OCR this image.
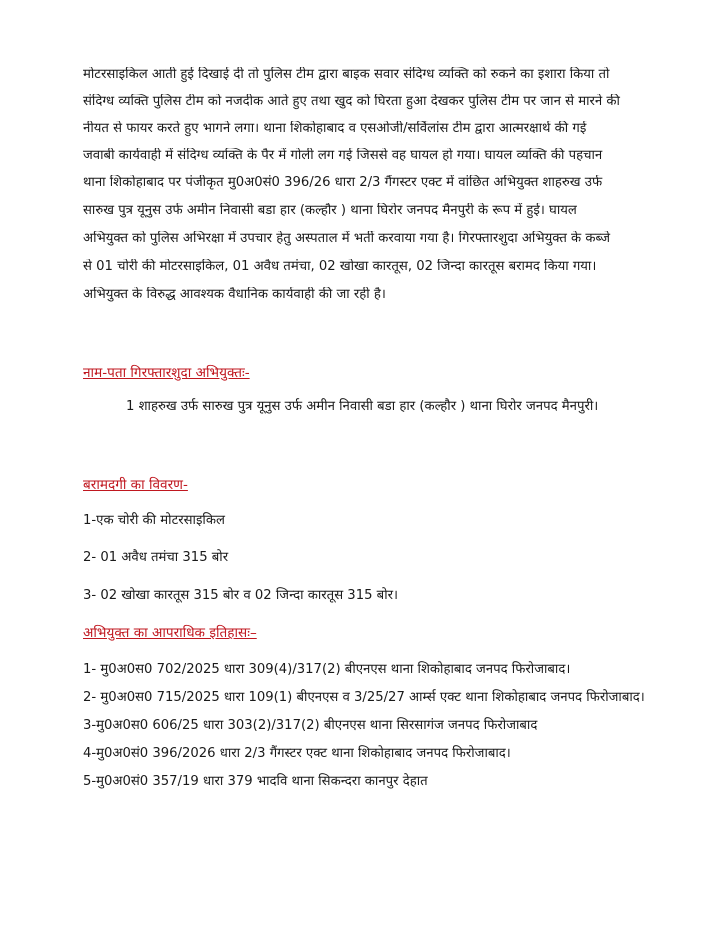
मोटरसाइकिल आती हुई दिखाई दी तो पुलिस टीम द्वारा बाइक सवार संदिग्ध व्यक्ति को रुकने का इशारा किया तो
संदिग्ध व्यक्ति पुलिस टीम को नजदीक आते हुए तथा खुद को घिरता हुआ देखकर पुलिस टीम पर जान से मारने की
नीयत से फायर करते हुए भागने लगा। थाना शिकोहाबाद व एसओजी/सर्विलांस टीम द्वारा आत्मरक्षार्थ की गई
जवाबी कार्यवाही में संदिग्ध व्यक्ति के पैर में गोली लग गई जिससे वह घायल हो गया। घायल व्यक्ति की पहचान
थाना शिकोहाबाद पर पंजीकृत मु0अ0सं0 396/26 धारा 2/3 गैंगस्टर एक्ट में वांछित अभियुक्त शाहरुख उर्फ
सारुख पुत्र यूनुस उर्फ अमीन निवासी बडा हार (कल्हौर ) थाना घिरोर जनपद मैनपुरी के रूप में हुई। घायल
अभियुक्त को पुलिस अभिरक्षा में उपचार हेतु अस्पताल में भर्ती करवाया गया है। गिरफ्तारशुदा अभियुक्त के कब्जे
से 01 चोरी की मोटरसाइकिल, 01 अवैध तमंचा, 02 खोखा कारतूस, 02 जिन्दा कारतूस बरामद किया गया।
अभियुक्त के विरुद्ध आवश्यक वैधानिक कार्यवाही की जा रही है।
नाम-पता गिरफ्तारशुदा अभियुक्तः-
1 शाहरुख उर्फ सारुख पुत्र यूनुस उर्फ अमीन निवासी बडा हार (कल्हौर ) थाना घिरोर जनपद मैनपुरी।
बरामदगी का विवरण-
1-एक चोरी की मोटरसाइकिल
2- 01 अवैध तमंचा 315 बोर
3- 02 खोखा कारतूस 315 बोर व 02 जिन्दा कारतूस 315 बोर।
अभियुक्त का आपराधिक इतिहासः–
1- मु0अ0स0 702/2025 धारा 309(4)/317(2) बीएनएस थाना शिकोहाबाद जनपद फिरोजाबाद।
2- मु0अ0स0 715/2025 धारा 109(1) बीएनएस व 3/25/27 आर्म्स एक्ट थाना शिकोहाबाद जनपद फिरोजाबाद।
3-मु0अ0स0 606/25 धारा 303(2)/317(2) बीएनएस थाना सिरसागंज जनपद फिरोजाबाद
4-मु0अ0सं0 396/2026 धारा 2/3 गैंगस्टर एक्ट थाना शिकोहाबाद जनपद फिरोजाबाद।
5-मु0अ0सं0 357/19 धारा 379 भादवि थाना सिकन्दरा कानपुर देहात
